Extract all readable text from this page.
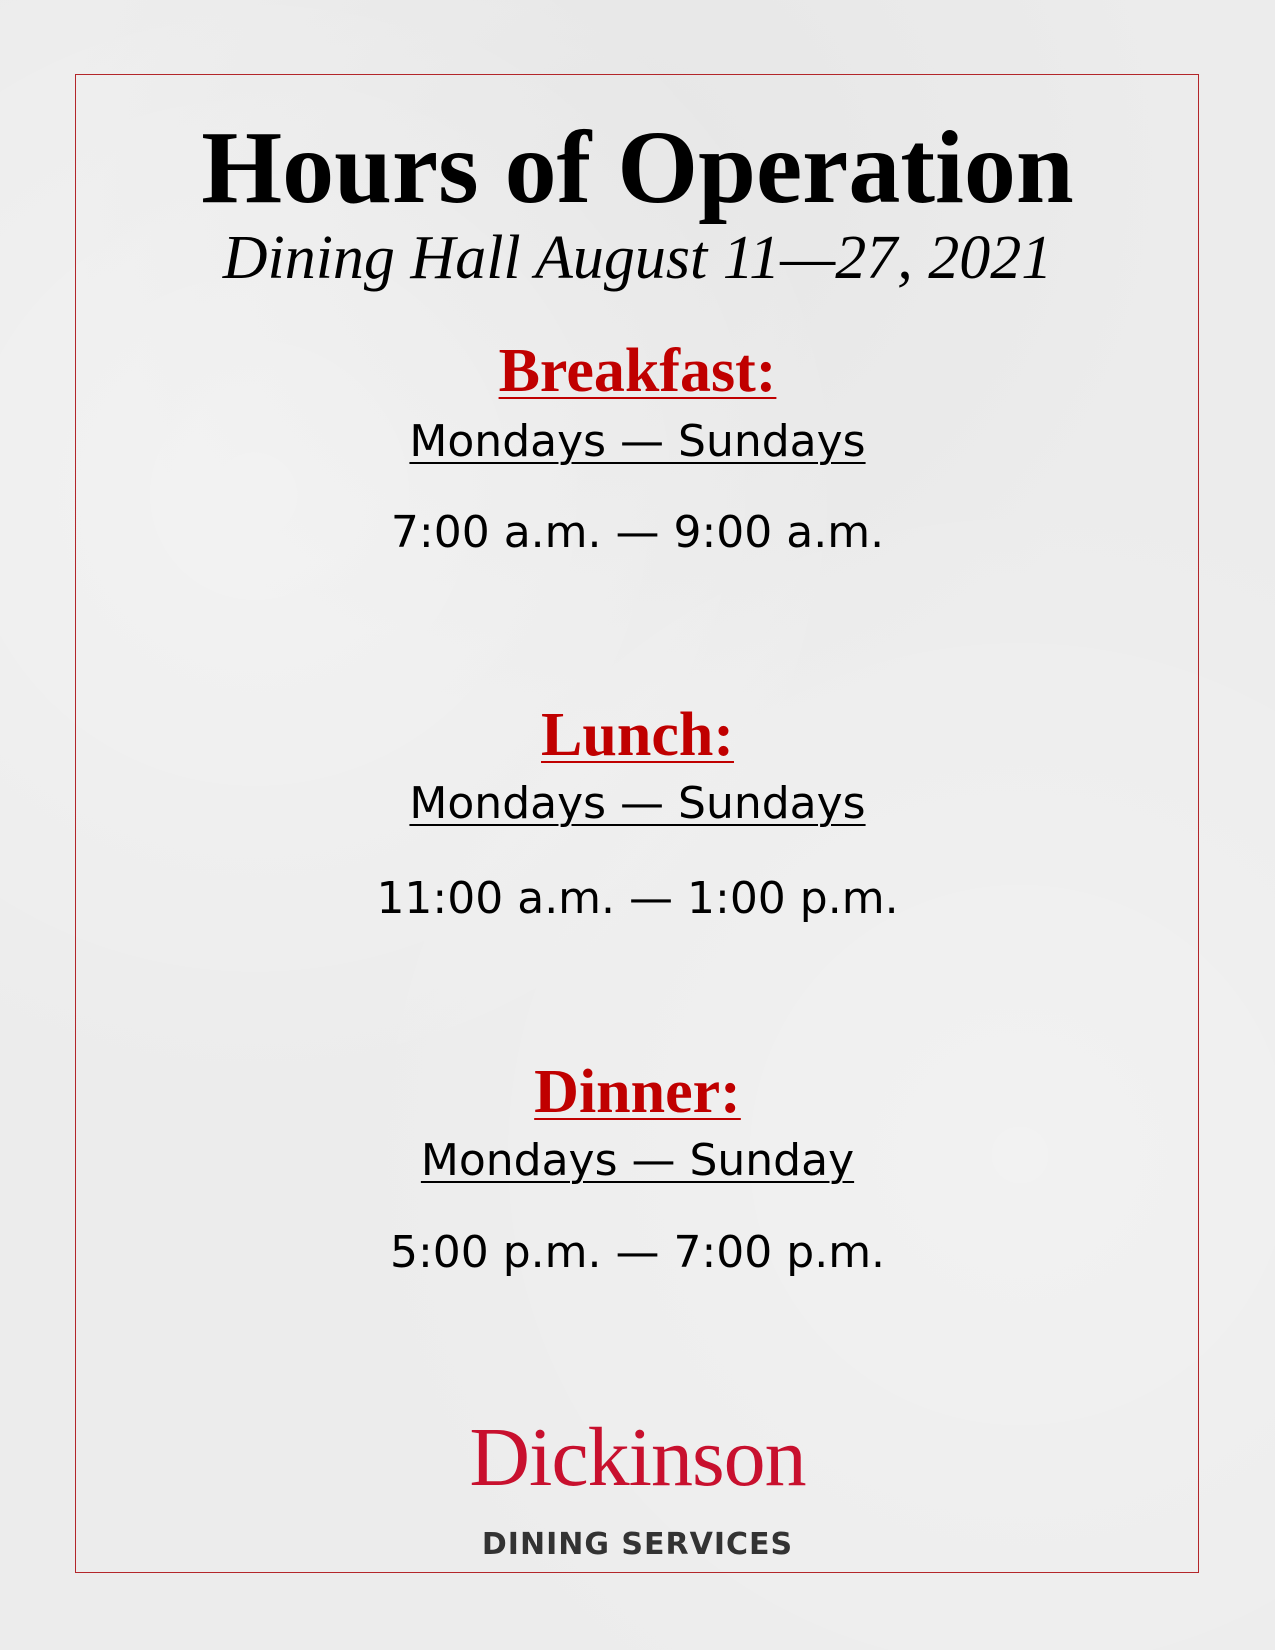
Hours of Operation
Dining Hall August 11—27, 2021
Breakfast:
Mondays — Sundays
7:00 a.m. — 9:00 a.m.
Lunch:
Mondays — Sundays
11:00 a.m. — 1:00 p.m.
Dinner:
Mondays — Sunday
5:00 p.m. — 7:00 p.m.
Dickinson
DINING SERVICES
